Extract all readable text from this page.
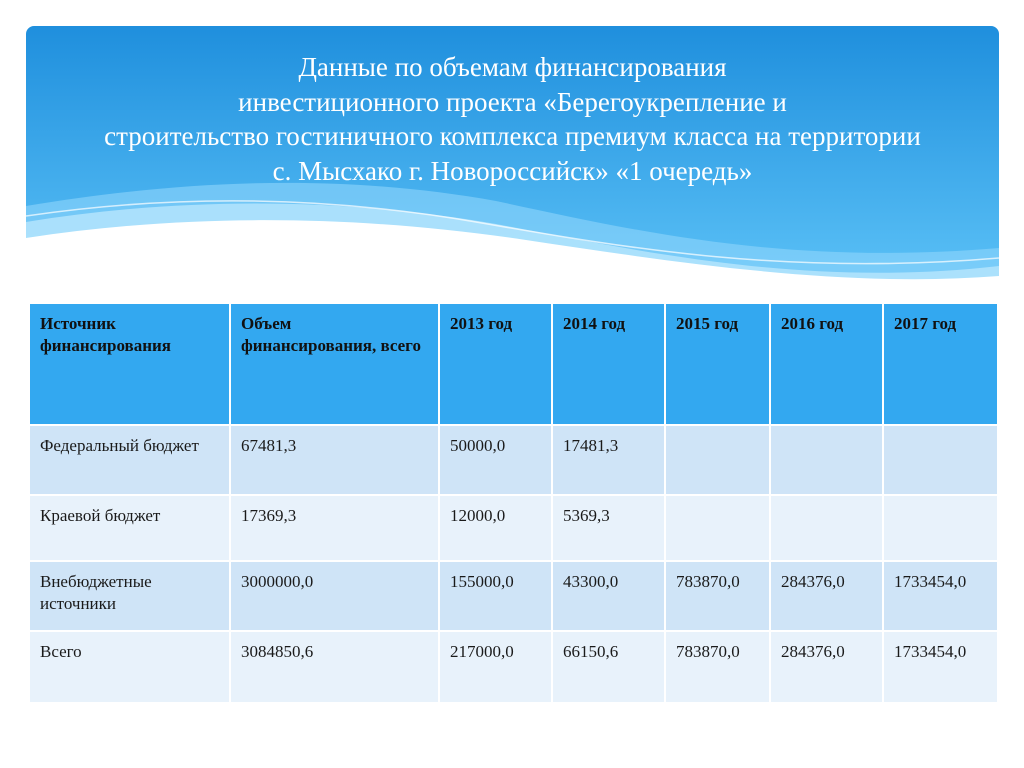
Данные по объемам финансирования
инвестиционного проекта «Берегоукрепление и
строительство гостиничного комплекса премиум класса на территории
с. Мысхако г. Новороссийск» «1 очередь»
Источник финансирования	Объем финансирования, всего	2013 год	2014 год	2015 год	2016 год	2017 год
Федеральный бюджет	67481,3	50000,0	17481,3			
Краевой бюджет	17369,3	12000,0	5369,3			
Внебюджетные источники	3000000,0	155000,0	43300,0	783870,0	284376,0	1733454,0
Всего	3084850,6	217000,0	66150,6	783870,0	284376,0	1733454,0
